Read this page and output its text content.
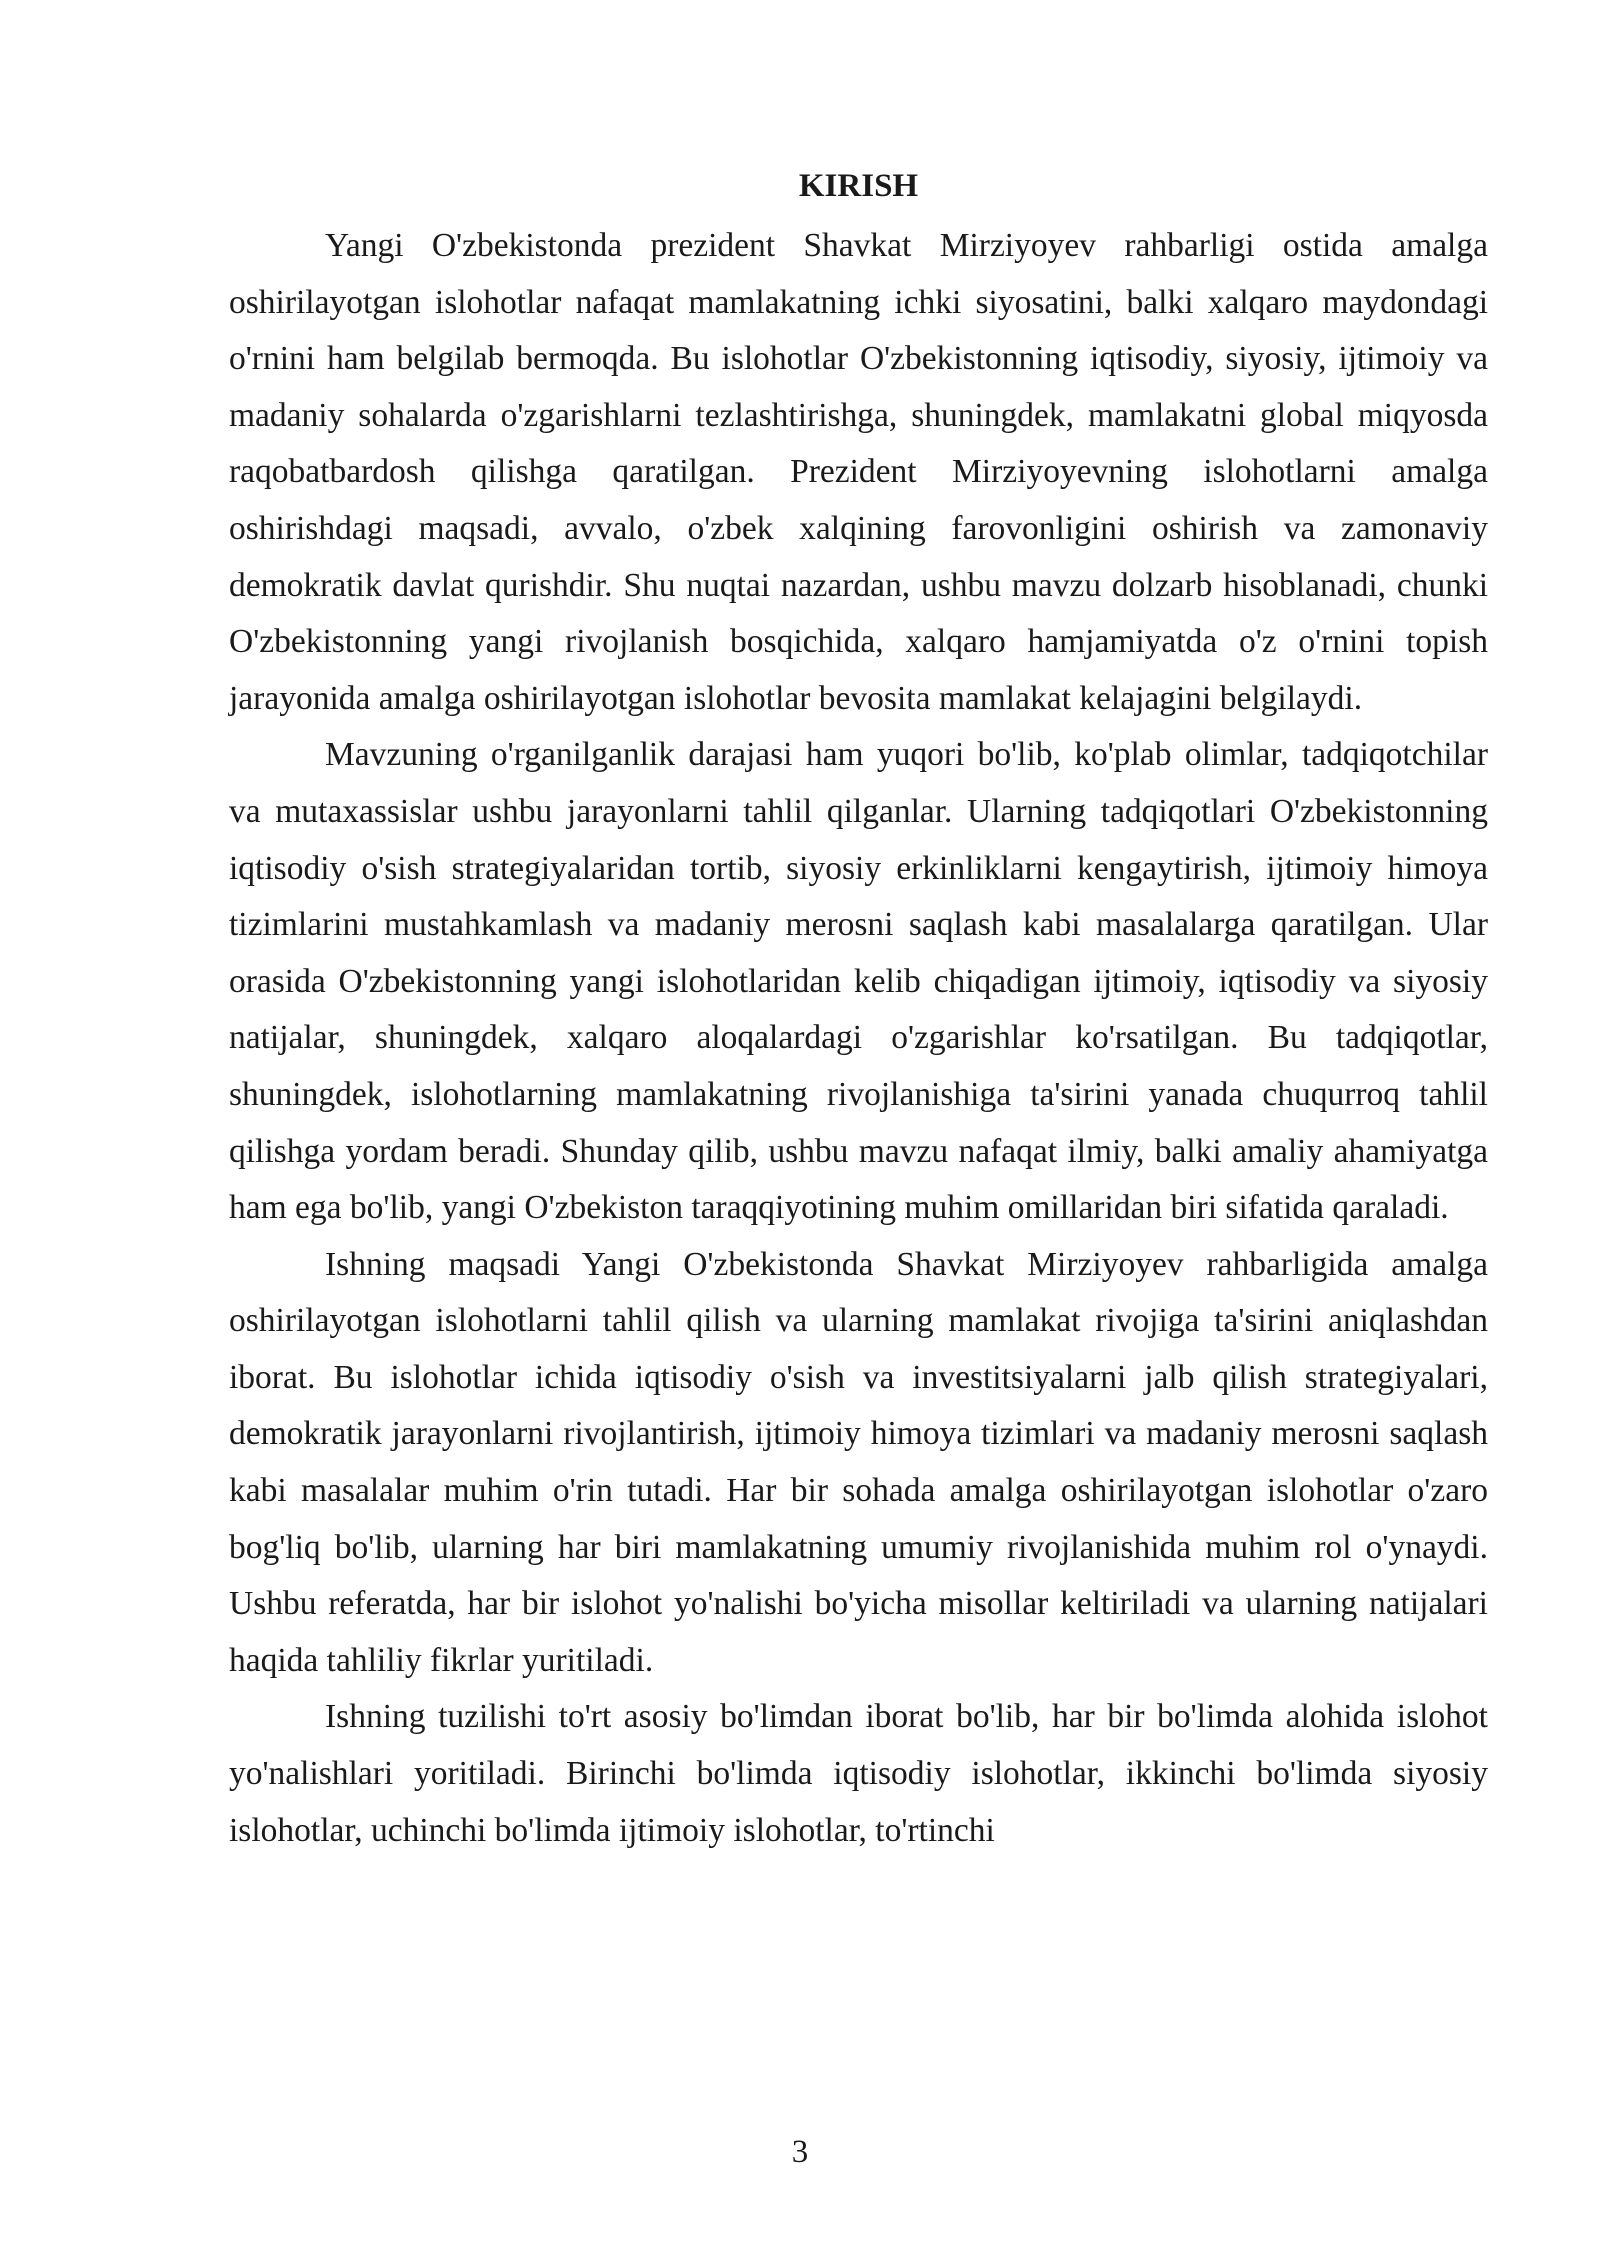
KIRISH

Yangi O'zbekistonda prezident Shavkat Mirziyoyev rahbarligi ostida amalga oshirilayotgan islohotlar nafaqat mamlakatning ichki siyosatini, balki xalqaro maydondagi o'rnini ham belgilab bermoqda. Bu islohotlar O'zbekistonning iqtisodiy, siyosiy, ijtimoiy va madaniy sohalarda o'zgarishlarni tezlashtirishga, shuningdek, mamlakatni global miqyosda raqobatbardosh qilishga qaratilgan. Prezident Mirziyoyevning islohotlarni amalga oshirishdagi maqsadi, avvalo, o'zbek xalqining farovonligini oshirish va zamonaviy demokratik davlat qurishdir. Shu nuqtai nazardan, ushbu mavzu dolzarb hisoblanadi, chunki O'zbekistonning yangi rivojlanish bosqichida, xalqaro hamjamiyatda o'z o'rnini topish jarayonida amalga oshirilayotgan islohotlar bevosita mamlakat kelajagini belgilaydi.

Mavzuning o'rganilganlik darajasi ham yuqori bo'lib, ko'plab olimlar, tadqiqotchilar va mutaxassislar ushbu jarayonlarni tahlil qilganlar. Ularning tadqiqotlari O'zbekistonning iqtisodiy o'sish strategiyalaridan tortib, siyosiy erkinliklarni kengaytirish, ijtimoiy himoya tizimlarini mustahkamlash va madaniy merosni saqlash kabi masalalarga qaratilgan. Ular orasida O'zbekistonning yangi islohotlaridan kelib chiqadigan ijtimoiy, iqtisodiy va siyosiy natijalar, shuningdek, xalqaro aloqalardagi o'zgarishlar ko'rsatilgan. Bu tadqiqotlar, shuningdek, islohotlarning mamlakatning rivojlanishiga ta'sirini yanada chuqurroq tahlil qilishga yordam beradi. Shunday qilib, ushbu mavzu nafaqat ilmiy, balki amaliy ahamiyatga ham ega bo'lib, yangi O'zbekiston taraqqiyotining muhim omillaridan biri sifatida qaraladi.

Ishning maqsadi Yangi O'zbekistonda Shavkat Mirziyoyev rahbarligida amalga oshirilayotgan islohotlarni tahlil qilish va ularning mamlakat rivojiga ta'sirini aniqlashdan iborat. Bu islohotlar ichida iqtisodiy o'sish va investitsiyalarni jalb qilish strategiyalari, demokratik jarayonlarni rivojlantirish, ijtimoiy himoya tizimlari va madaniy merosni saqlash kabi masalalar muhim o'rin tutadi. Har bir sohada amalga oshirilayotgan islohotlar o'zaro bog'liq bo'lib, ularning har biri mamlakatning umumiy rivojlanishida muhim rol o'ynaydi. Ushbu referatda, har bir islohot yo'nalishi bo'yicha misollar keltiriladi va ularning natijalari haqida tahliliy fikrlar yuritiladi.

Ishning tuzilishi to'rt asosiy bo'limdan iborat bo'lib, har bir bo'limda alohida islohot yo'nalishlari yoritiladi. Birinchi bo'limda iqtisodiy islohotlar, ikkinchi bo'limda siyosiy islohotlar, uchinchi bo'limda ijtimoiy islohotlar, to'rtinchi

3
